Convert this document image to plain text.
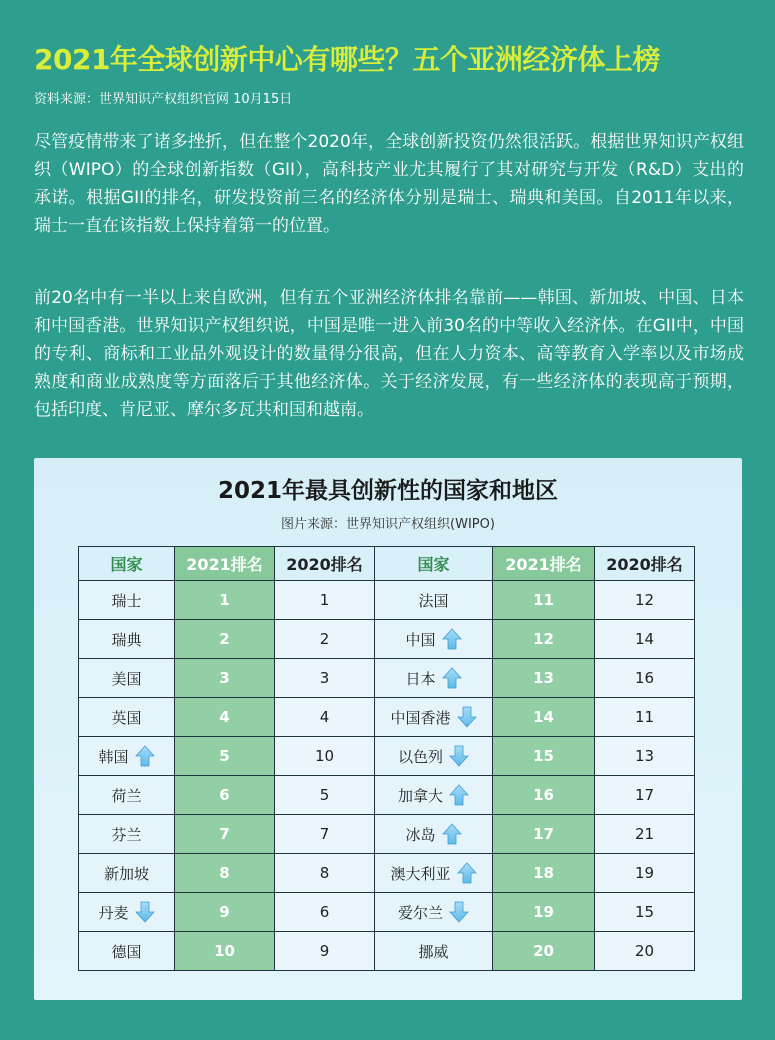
2021年全球创新中心有哪些？五个亚洲经济体上榜
资料来源：世界知识产权组织官网 10月15日

尽管疫情带来了诸多挫折，但在整个2020年，全球创新投资仍然很活跃。根据世界知识产权组织（WIPO）的全球创新指数（GII），高科技产业尤其履行了其对研究与开发（R&D）支出的承诺。根据GII的排名，研发投资前三名的经济体分别是瑞士、瑞典和美国。自2011年以来，瑞士一直在该指数上保持着第一的位置。

前20名中有一半以上来自欧洲，但有五个亚洲经济体排名靠前——韩国、新加坡、中国、日本和中国香港。世界知识产权组织说，中国是唯一进入前30名的中等收入经济体。在GII中，中国的专利、商标和工业品外观设计的数量得分很高，但在人力资本、高等教育入学率以及市场成熟度和商业成熟度等方面落后于其他经济体。关于经济发展，有一些经济体的表现高于预期，包括印度、肯尼亚、摩尔多瓦共和国和越南。

2021年最具创新性的国家和地区
图片来源：世界知识产权组织(WIPO)
国家	2021排名	2020排名	国家	2021排名	2020排名

瑞士	1	1	法国	11	12

瑞典	2	2	中国	12	14

美国	3	3	日本	13	16

英国	4	4	中国香港	14	11

韩国	5	10	以色列	15	13

荷兰	6	5	加拿大	16	17

芬兰	7	7	冰岛	17	21

新加坡	8	8	澳大利亚	18	19

丹麦	9	6	爱尔兰	19	15

德国	10	9	挪威	20	20
